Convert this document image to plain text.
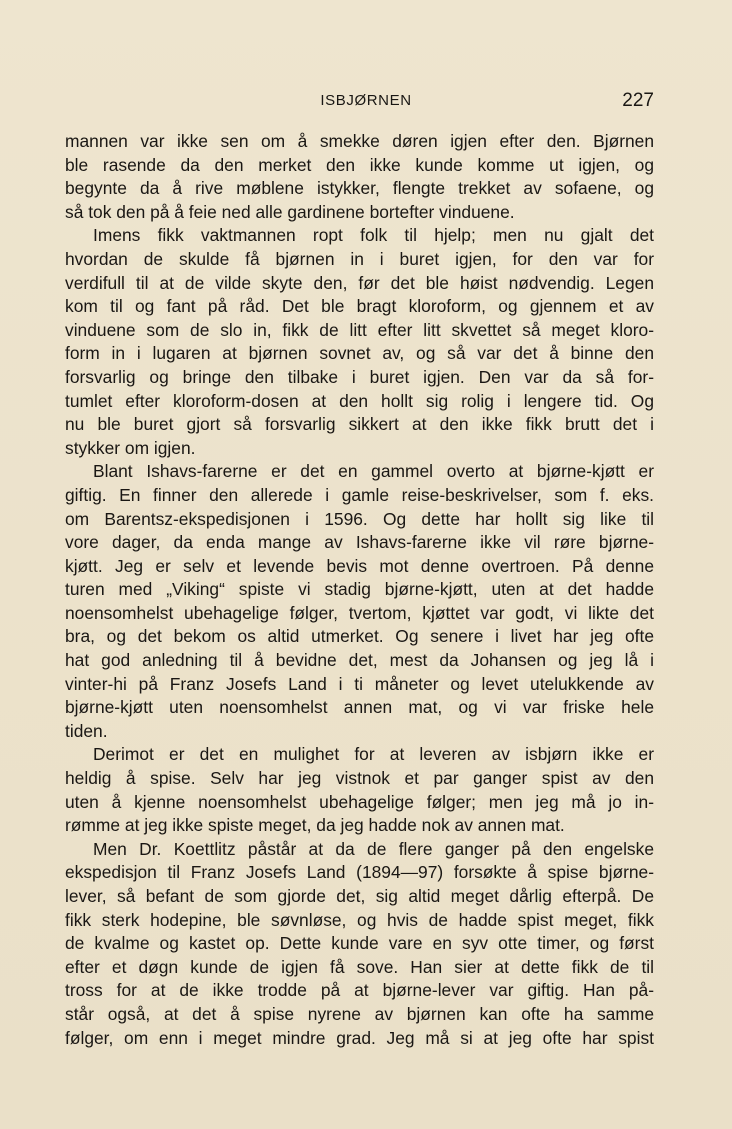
ISBJØRNEN	227
mannen var ikke sen om å smekke døren igjen efter den. Bjørnen
ble rasende da den merket den ikke kunde komme ut igjen, og
begynte da å rive møblene istykker, flengte trekket av sofaene, og
så tok den på å feie ned alle gardinene bortefter vinduene.
Imens fikk vaktmannen ropt folk til hjelp; men nu gjalt det
hvordan de skulde få bjørnen in i buret igjen, for den var for
verdifull til at de vilde skyte den, før det ble høist nødvendig. Legen
kom til og fant på råd. Det ble bragt kloroform, og gjennem et av
vinduene som de slo in, fikk de litt efter litt skvettet så meget kloro-
form in i lugaren at bjørnen sovnet av, og så var det å binne den
forsvarlig og bringe den tilbake i buret igjen. Den var da så for-
tumlet efter kloroform-dosen at den hollt sig rolig i lengere tid. Og
nu ble buret gjort så forsvarlig sikkert at den ikke fikk brutt det i
stykker om igjen.
Blant Ishavs-farerne er det en gammel overto at bjørne-kjøtt er
giftig. En finner den allerede i gamle reise-beskrivelser, som f. eks.
om Barentsz-ekspedisjonen i 1596. Og dette har hollt sig like til
vore dager, da enda mange av Ishavs-farerne ikke vil røre bjørne-
kjøtt. Jeg er selv et levende bevis mot denne overtroen. På denne
turen med „Viking“ spiste vi stadig bjørne-kjøtt, uten at det hadde
noensomhelst ubehagelige følger, tvertom, kjøttet var godt, vi likte det
bra, og det bekom os altid utmerket. Og senere i livet har jeg ofte
hat god anledning til å bevidne det, mest da Johansen og jeg lå i
vinter-hi på Franz Josefs Land i ti måneter og levet utelukkende av
bjørne-kjøtt uten noensomhelst annen mat, og vi var friske hele
tiden.
Derimot er det en mulighet for at leveren av isbjørn ikke er
heldig å spise. Selv har jeg vistnok et par ganger spist av den
uten å kjenne noensomhelst ubehagelige følger; men jeg må jo in-
rømme at jeg ikke spiste meget, da jeg hadde nok av annen mat.
Men Dr. Koettlitz påstår at da de flere ganger på den engelske
ekspedisjon til Franz Josefs Land (1894—97) forsøkte å spise bjørne-
lever, så befant de som gjorde det, sig altid meget dårlig efterpå. De
fikk sterk hodepine, ble søvnløse, og hvis de hadde spist meget, fikk
de kvalme og kastet op. Dette kunde vare en syv otte timer, og først
efter et døgn kunde de igjen få sove. Han sier at dette fikk de til
tross for at de ikke trodde på at bjørne-lever var giftig. Han på-
står også, at det å spise nyrene av bjørnen kan ofte ha samme
følger, om enn i meget mindre grad. Jeg må si at jeg ofte har spist
